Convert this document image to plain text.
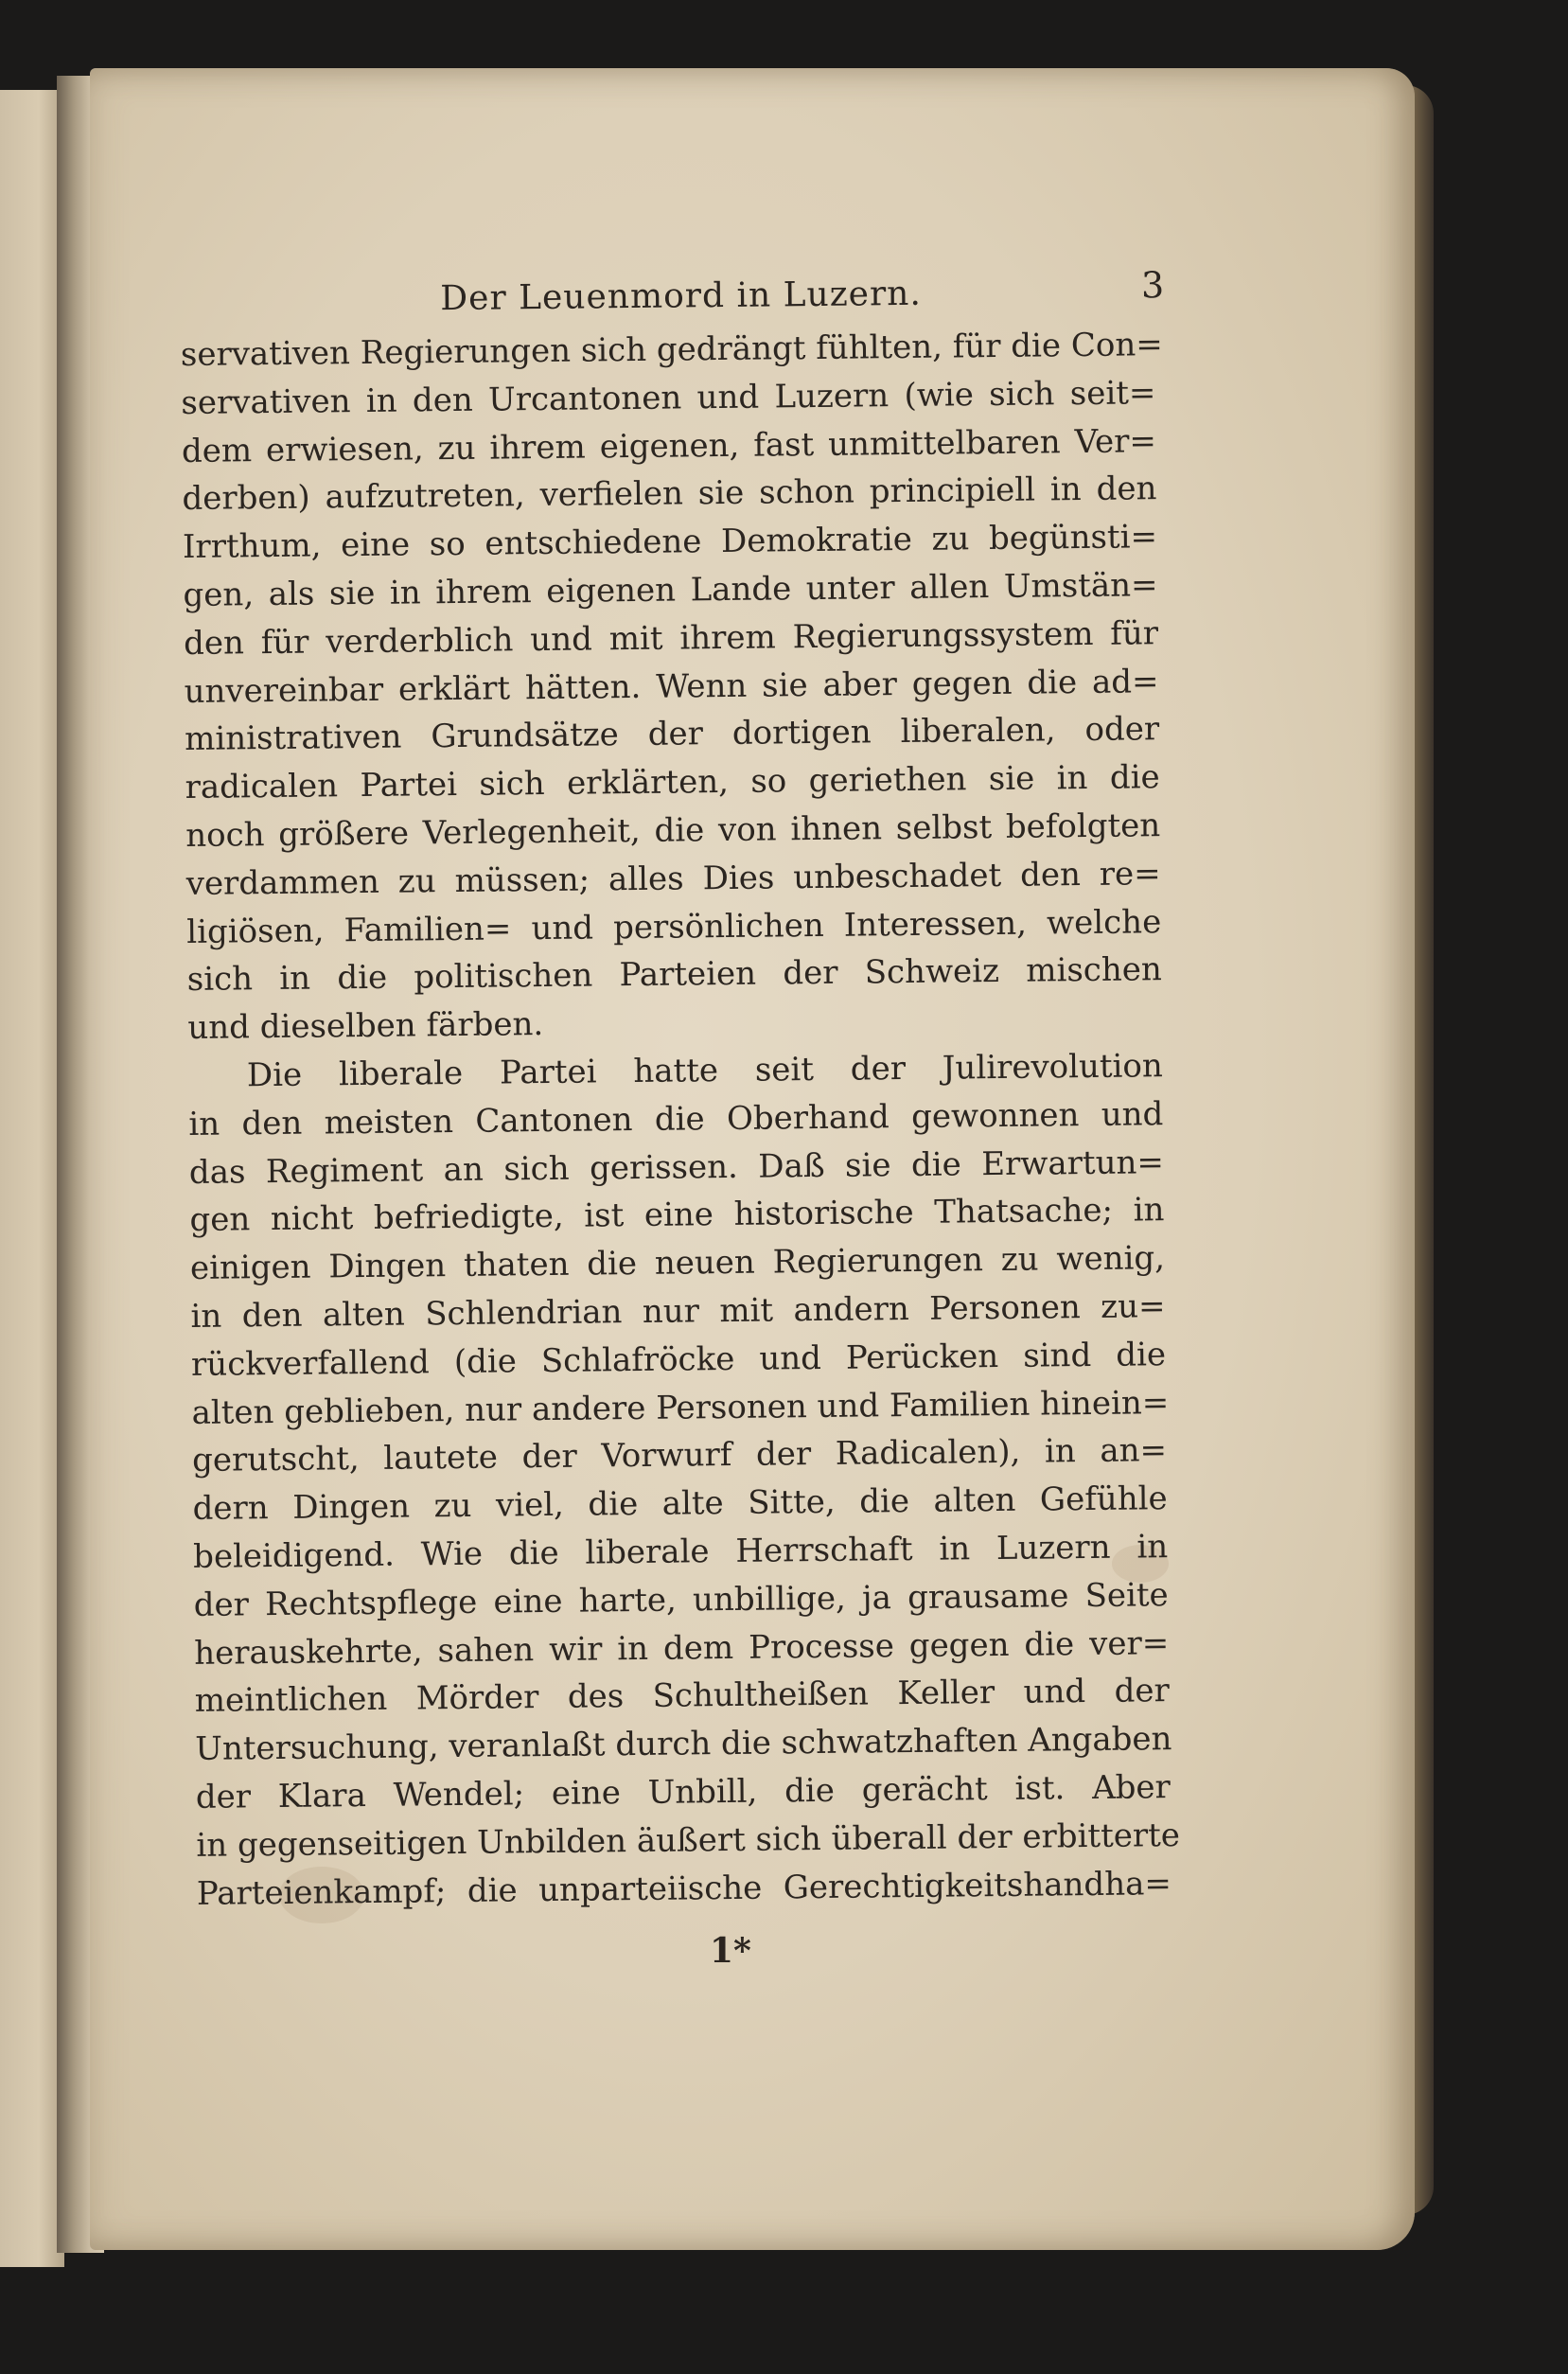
Der Leuenmord in Luzern.	3
servativen Regierungen sich gedrängt fühlten, für die Con=
servativen in den Urcantonen und Luzern (wie sich seit=
dem erwiesen, zu ihrem eigenen, fast unmittelbaren Ver=
derben) aufzutreten, verfielen sie schon principiell in den
Irrthum, eine so entschiedene Demokratie zu begünsti=
gen, als sie in ihrem eigenen Lande unter allen Umstän=
den für verderblich und mit ihrem Regierungssystem für
unvereinbar erklärt hätten. Wenn sie aber gegen die ad=
ministrativen Grundsätze der dortigen liberalen, oder
radicalen Partei sich erklärten, so geriethen sie in die
noch größere Verlegenheit, die von ihnen selbst befolgten
verdammen zu müssen; alles Dies unbeschadet den re=
ligiösen, Familien= und persönlichen Interessen, welche
sich in die politischen Parteien der Schweiz mischen
und dieselben färben.
Die liberale Partei hatte seit der Julirevolution
in den meisten Cantonen die Oberhand gewonnen und
das Regiment an sich gerissen. Daß sie die Erwartun=
gen nicht befriedigte, ist eine historische Thatsache; in
einigen Dingen thaten die neuen Regierungen zu wenig,
in den alten Schlendrian nur mit andern Personen zu=
rückverfallend (die Schlafröcke und Perücken sind die
alten geblieben, nur andere Personen und Familien hinein=
gerutscht, lautete der Vorwurf der Radicalen), in an=
dern Dingen zu viel, die alte Sitte, die alten Gefühle
beleidigend. Wie die liberale Herrschaft in Luzern in
der Rechtspflege eine harte, unbillige, ja grausame Seite
herauskehrte, sahen wir in dem Processe gegen die ver=
meintlichen Mörder des Schultheißen Keller und der
Untersuchung, veranlaßt durch die schwatzhaften Angaben
der Klara Wendel; eine Unbill, die gerächt ist. Aber
in gegenseitigen Unbilden äußert sich überall der erbitterte
Parteienkampf; die unparteiische Gerechtigkeitshandha=
1*
